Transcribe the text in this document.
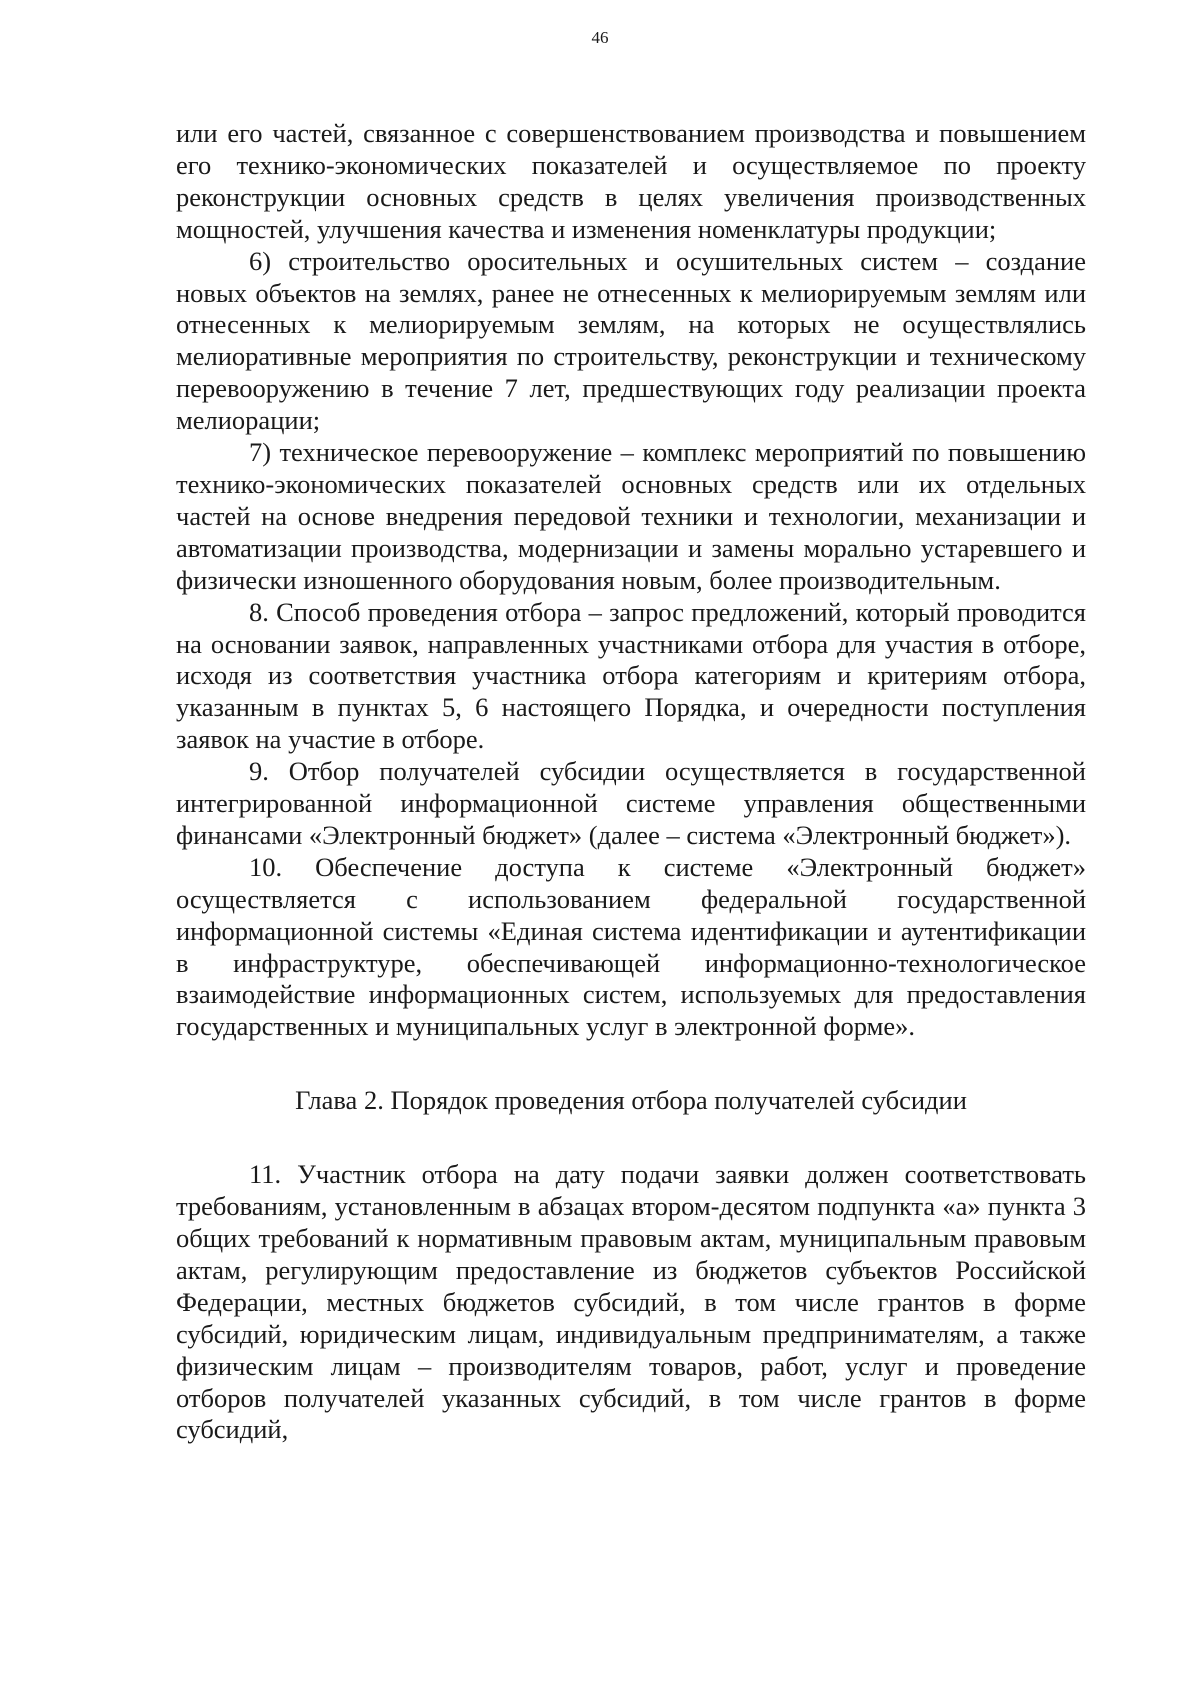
46

или его частей, связанное с совершенствованием производства и повышением его технико-экономических показателей и осуществляемое по проекту реконструкции основных средств в целях увеличения производственных мощностей, улучшения качества и изменения номенклатуры продукции;

6) строительство оросительных и осушительных систем – создание новых объектов на землях, ранее не отнесенных к мелиорируемым землям или отнесенных к мелиорируемым землям, на которых не осуществлялись мелиоративные мероприятия по строительству, реконструкции и техническому перевооружению в течение 7 лет, предшествующих году реализации проекта мелиорации;

7) техническое перевооружение – комплекс мероприятий по повышению технико-экономических показателей основных средств или их отдельных частей на основе внедрения передовой техники и технологии, механизации и автоматизации производства, модернизации и замены морально устаревшего и физически изношенного оборудования новым, более производительным.

8. Способ проведения отбора – запрос предложений, который проводится на основании заявок, направленных участниками отбора для участия в отборе, исходя из соответствия участника отбора категориям и критериям отбора, указанным в пунктах 5, 6 настоящего Порядка, и очередности поступления заявок на участие в отборе.

9. Отбор получателей субсидии осуществляется в государственной интегрированной информационной системе управления общественными финансами «Электронный бюджет» (далее – система «Электронный бюджет»).

10. Обеспечение доступа к системе «Электронный бюджет» осуществляется с использованием федеральной государственной информационной системы «Единая система идентификации и аутентификации в инфраструктуре, обеспечивающей информационно-технологическое взаимодействие информационных систем, используемых для предоставления государственных и муниципальных услуг в электронной форме».

Глава 2. Порядок проведения отбора получателей субсидии

11. Участник отбора на дату подачи заявки должен соответствовать требованиям, установленным в абзацах втором-десятом подпункта «а» пункта 3 общих требований к нормативным правовым актам, муниципальным правовым актам, регулирующим предоставление из бюджетов субъектов Российской Федерации, местных бюджетов субсидий, в том числе грантов в форме субсидий, юридическим лицам, индивидуальным предпринимателям, а также физическим лицам – производителям товаров, работ, услуг и проведение отборов получателей указанных субсидий, в том числе грантов в форме субсидий,
